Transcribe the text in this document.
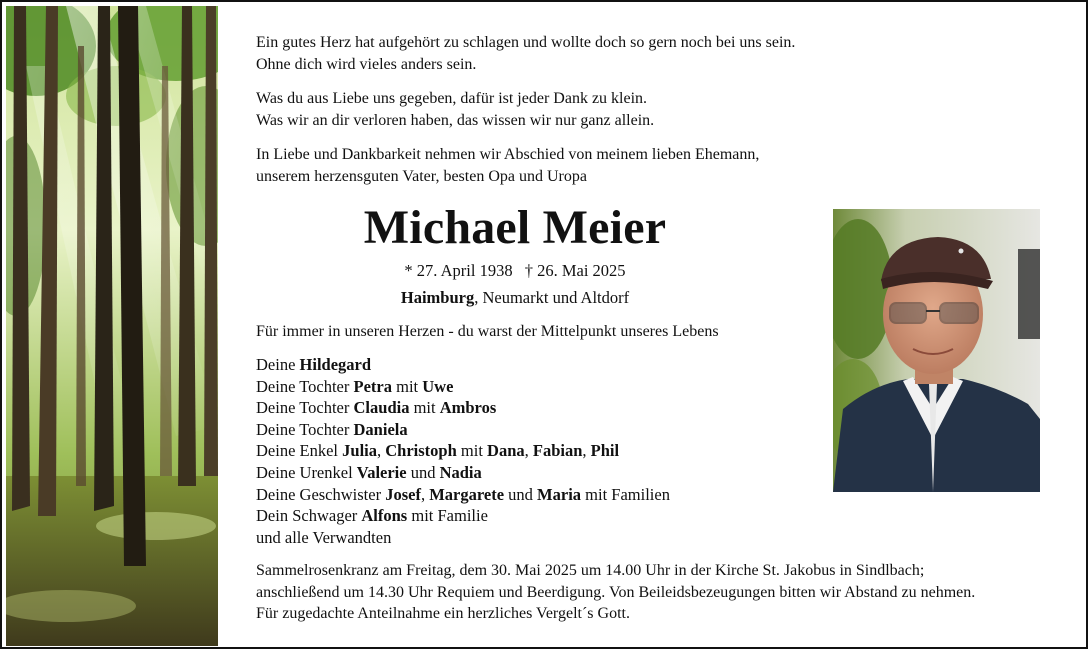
Ein gutes Herz hat aufgehört zu schlagen und wollte doch so gern noch bei uns sein.

Ohne dich wird vieles anders sein.

Was du aus Liebe uns gegeben, dafür ist jeder Dank zu klein.

Was wir an dir verloren haben, das wissen wir nur ganz allein.

In Liebe und Dankbarkeit nehmen wir Abschied von meinem lieben Ehemann,

unserem herzensguten Vater, besten Opa und Uropa

Michael Meier
* 27. April 1938 † 26. Mai 2025
Haimburg, Neumarkt und Altdorf

Für immer in unseren Herzen - du warst der Mittelpunkt unseres Lebens

Deine Hildegard
Deine Tochter Petra mit Uwe
Deine Tochter Claudia mit Ambros
Deine Tochter Daniela
Deine Enkel Julia, Christoph mit Dana, Fabian, Phil
Deine Urenkel Valerie und Nadia
Deine Geschwister Josef, Margarete und Maria mit Familien
Dein Schwager Alfons mit Familie
und alle Verwandten
Sammelrosenkranz am Freitag, dem 30. Mai 2025 um 14.00 Uhr in der Kirche St. Jakobus in Sindlbach;
anschließend um 14.30 Uhr Requiem und Beerdigung. Von Beileidsbezeugungen bitten wir Abstand zu nehmen.
Für zugedachte Anteilnahme ein herzliches Vergelt´s Gott.
